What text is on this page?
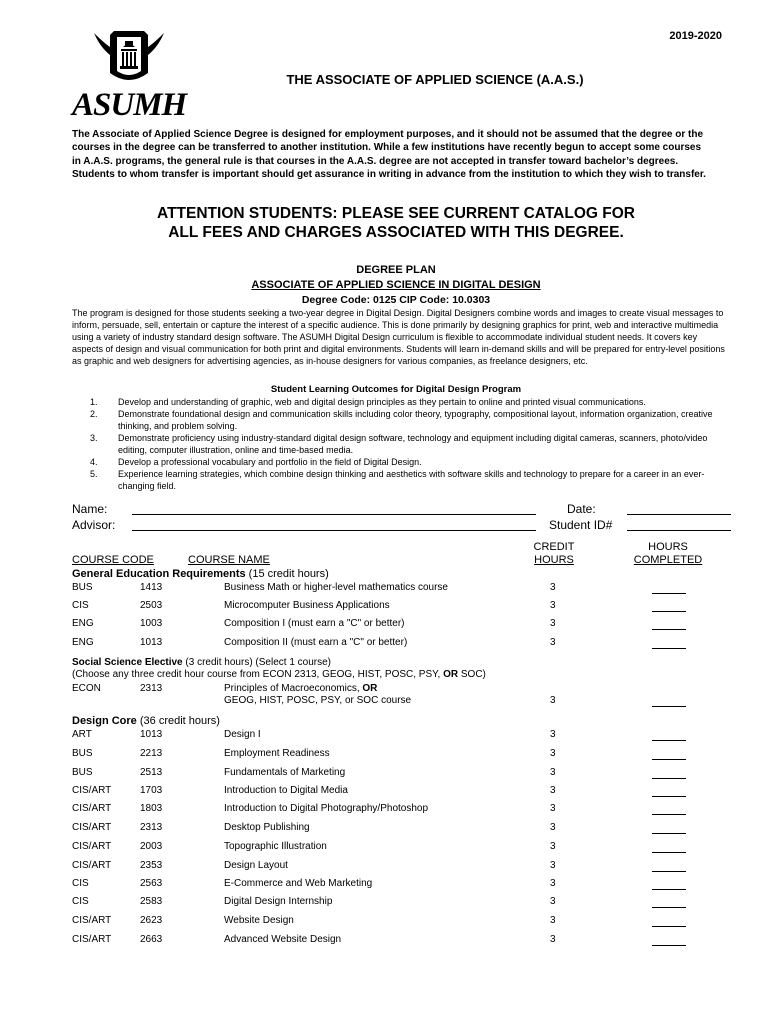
2019-2020
ASUMH
THE ASSOCIATE OF APPLIED SCIENCE (A.A.S.)
The Associate of Applied Science Degree is designed for employment purposes, and it should not be assumed that the degree or the courses in the degree can be transferred to another institution. While a few institutions have recently begun to accept some courses in A.A.S. programs, the general rule is that courses in the A.A.S. degree are not accepted in transfer toward bachelor’s degrees. Students to whom transfer is important should get assurance in writing in advance from the institution to which they wish to transfer.
ATTENTION STUDENTS: PLEASE SEE CURRENT CATALOG FOR
ALL FEES AND CHARGES ASSOCIATED WITH THIS DEGREE.
DEGREE PLAN
ASSOCIATE OF APPLIED SCIENCE IN DIGITAL DESIGN
Degree Code: 0125 CIP Code: 10.0303
The program is designed for those students seeking a two-year degree in Digital Design. Digital Designers combine words and images to create visual messages to inform, persuade, sell, entertain or capture the interest of a specific audience. This is done primarily by designing graphics for print, web and interactive multimedia using a variety of industry standard design software. The ASUMH Digital Design curriculum is flexible to accommodate individual student needs. It covers key aspects of design and visual communication for both print and digital environments. Students will learn in-demand skills and will be prepared for entry-level positions as graphic and web designers for advertising agencies, as in-house designers for various companies, as freelance designers, etc.
Student Learning Outcomes for Digital Design Program
1. Develop and understanding of graphic, web and digital design principles as they pertain to online and printed visual communications.
2. Demonstrate foundational design and communication skills including color theory, typography, compositional layout, information organization, creative thinking, and problem solving.
3. Demonstrate proficiency using industry-standard digital design software, technology and equipment including digital cameras, scanners, photo/video editing, computer illustration, online and time-based media.
4. Develop a professional vocabulary and portfolio in the field of Digital Design.
5. Experience learning strategies, which combine design thinking and aesthetics with software skills and technology to prepare for a career in an ever-changing field.
Name:
Advisor:
Date:
Student ID#
COURSE CODE	COURSE NAME
CREDIT
HOURS
HOURS
COMPLETED
General Education Requirements (15 credit hours)
BUS	1413	Business Math or higher-level mathematics course	3
CIS	2503	Microcomputer Business Applications	3
ENG	1003	Composition I (must earn a "C" or better)	3
ENG	1013	Composition II (must earn a "C" or better)	3
Social Science Elective (3 credit hours) (Select 1 course)
(Choose any three credit hour course from ECON 2313, GEOG, HIST, POSC, PSY, OR SOC)
ECON	2313	Principles of Macroeconomics, OR
GEOG, HIST, POSC, PSY, or SOC course	3
Design Core (36 credit hours)
ART	1013	Design I	3
BUS	2213	Employment Readiness	3
BUS	2513	Fundamentals of Marketing	3
CIS/ART	1703	Introduction to Digital Media	3
CIS/ART	1803	Introduction to Digital Photography/Photoshop	3
CIS/ART	2313	Desktop Publishing	3
CIS/ART	2003	Topographic Illustration	3
CIS/ART	2353	Design Layout	3
CIS	2563	E-Commerce and Web Marketing	3
CIS	2583	Digital Design Internship	3
CIS/ART	2623	Website Design	3
CIS/ART	2663	Advanced Website Design	3
